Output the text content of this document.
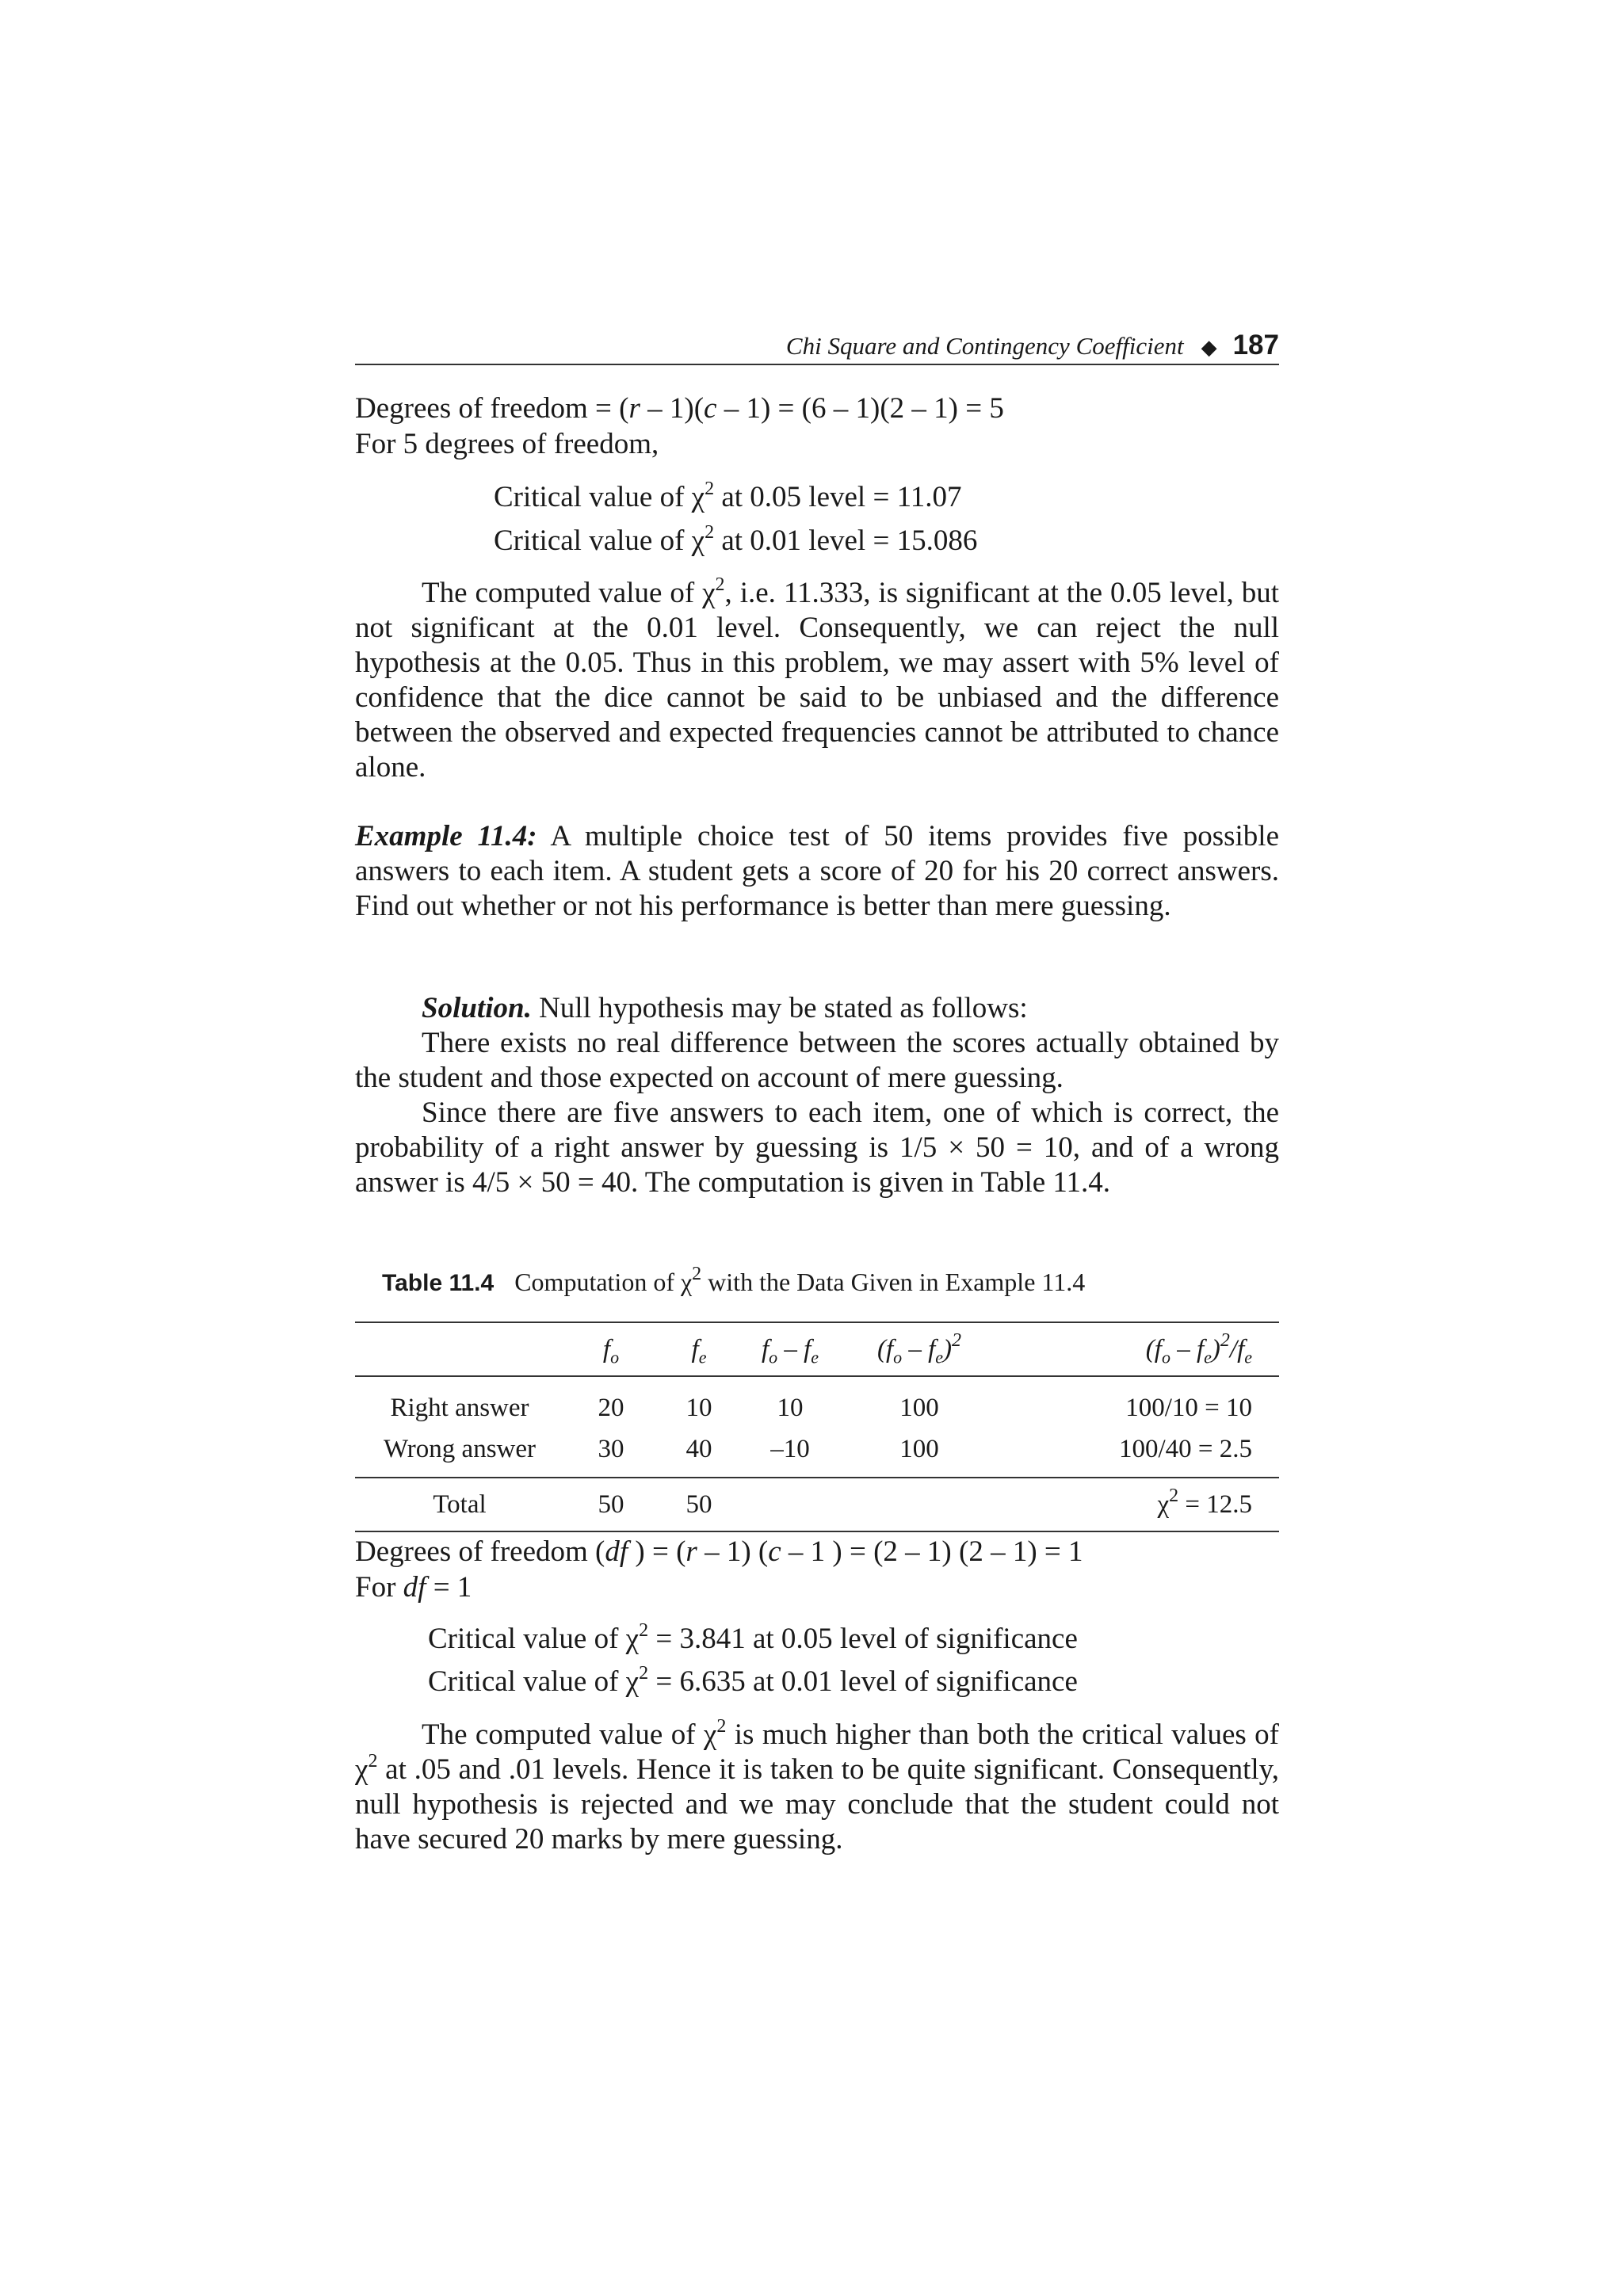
Chi Square and Contingency Coefficient ◆ 187
Degrees of freedom = (r – 1)(c – 1) = (6 – 1)(2 – 1) = 5
For 5 degrees of freedom,
Critical value of $\chi^2$ at 0.05 level = 11.07
Critical value of $\chi^2$ at 0.01 level = 15.086
The computed value of $\chi^2$, i.e. 11.333, is significant at the 0.05 level, but not significant at the 0.01 level. Consequently, we can reject the null hypothesis at the 0.05. Thus in this problem, we may assert with 5% level of confidence that the dice cannot be said to be unbiased and the difference between the observed and expected frequencies cannot be attributed to chance alone.
Example 11.4: A multiple choice test of 50 items provides five possible answers to each item. A student gets a score of 20 for his 20 correct answers. Find out whether or not his performance is better than mere guessing.
Solution. Null hypothesis may be stated as follows:
There exists no real difference between the scores actually obtained by the student and those expected on account of mere guessing.
Since there are five answers to each item, one of which is correct, the probability of a right answer by guessing is 1/5 × 50 = 10, and of a wrong answer is 4/5 × 50 = 40. The computation is given in Table 11.4.
Table 11.4 Computation of $\chi^2$ with the Data Given in Example 11.4
	$f_o$	$f_e$	$f_o - f_e$	$(f_o - f_e)^2$	$(f_o - f_e)^2/f_e$
Right answer	20	10	10	100	100/10 = 10
Wrong answer	30	40	–10	100	100/40 = 2.5
Total	50	50			$\chi^2 = 12.5$
Degrees of freedom (df ) = (r – 1) (c – 1 ) = (2 – 1) (2 – 1) = 1
For df = 1
Critical value of $\chi^2 = 3.841$ at 0.05 level of significance
Critical value of $\chi^2 = 6.635$ at 0.01 level of significance
The computed value of $\chi^2$ is much higher than both the critical values of $\chi^2$ at .05 and .01 levels. Hence it is taken to be quite significant. Consequently, null hypothesis is rejected and we may conclude that the student could not have secured 20 marks by mere guessing.
